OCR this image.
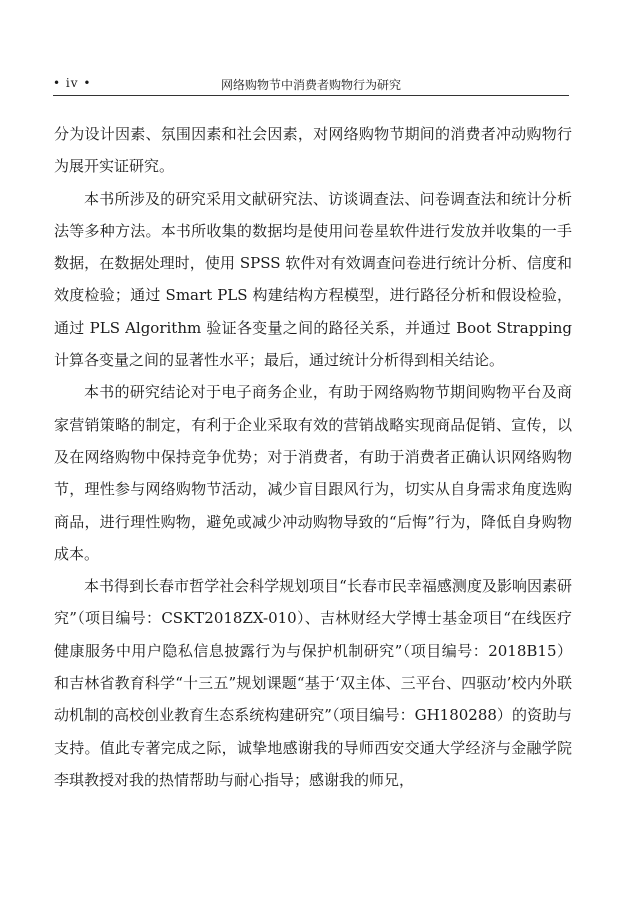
• iv •	网络购物节中消费者购物行为研究

分为设计因素、氛围因素和社会因素，对网络购物节期间的消费者冲动购物行为展开实证研究。

本书所涉及的研究采用文献研究法、访谈调查法、问卷调查法和统计分析法等多种方法。本书所收集的数据均是使用问卷星软件进行发放并收集的一手数据，在数据处理时，使用 SPSS 软件对有效调查问卷进行统计分析、信度和效度检验；通过 Smart PLS 构建结构方程模型，进行路径分析和假设检验，通过 PLS Algorithm 验证各变量之间的路径关系，并通过 Boot Strapping 计算各变量之间的显著性水平；最后，通过统计分析得到相关结论。

本书的研究结论对于电子商务企业，有助于网络购物节期间购物平台及商家营销策略的制定，有利于企业采取有效的营销战略实现商品促销、宣传，以及在网络购物中保持竞争优势；对于消费者，有助于消费者正确认识网络购物节，理性参与网络购物节活动，减少盲目跟风行为，切实从自身需求角度选购商品，进行理性购物，避免或减少冲动购物导致的“后悔”行为，降低自身购物成本。

本书得到长春市哲学社会科学规划项目“长春市民幸福感测度及影响因素研究”（项目编号：CSKT2018ZX-010）、吉林财经大学博士基金项目“在线医疗健康服务中用户隐私信息披露行为与保护机制研究”（项目编号：2018B15）和吉林省教育科学“十三五”规划课题“基于‘双主体、三平台、四驱动’校内外联动机制的高校创业教育生态系统构建研究”（项目编号：GH180288）的资助与支持。值此专著完成之际，诚挚地感谢我的导师西安交通大学经济与金融学院李琪教授对我的热情帮助与耐心指导；感谢我的师兄，
